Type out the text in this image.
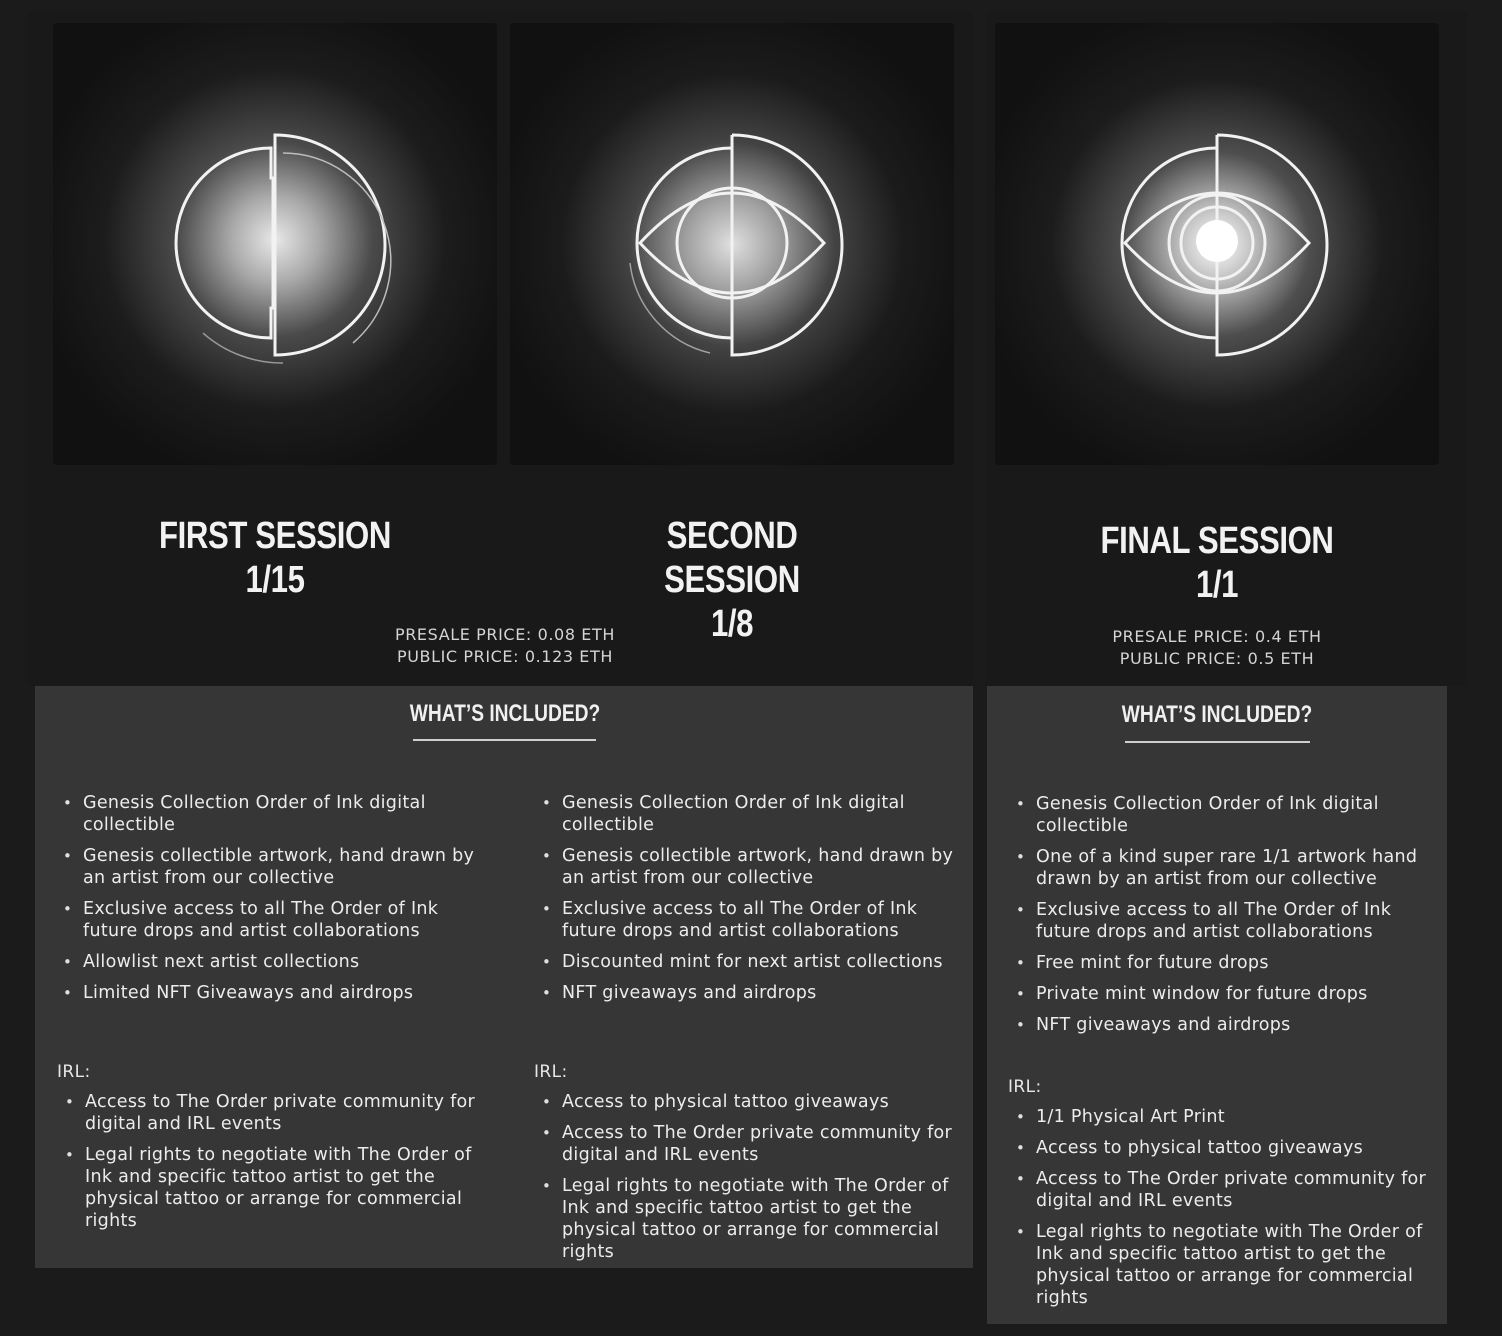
FIRST SESSION
1/15
SECOND SESSION
1/8
FINAL SESSION
1/1
PRESALE PRICE: 0.08 ETH
PUBLIC PRICE: 0.123 ETH
PRESALE PRICE: 0.4 ETH
PUBLIC PRICE: 0.5 ETH
WHAT’S INCLUDED?	WHAT’S INCLUDED?
• Genesis Collection Order of Ink digital collectible
• Genesis collectible artwork, hand drawn by an artist from our collective
• Exclusive access to all The Order of Ink future drops and artist collaborations
• Allowlist next artist collections
• Limited NFT Giveaways and airdrops
IRL:
• Access to The Order private community for digital and IRL events
• Legal rights to negotiate with The Order of Ink and specific tattoo artist to get the physical tattoo or arrange for commercial rights
• Genesis Collection Order of Ink digital collectible
• Genesis collectible artwork, hand drawn by an artist from our collective
• Exclusive access to all The Order of Ink future drops and artist collaborations
• Discounted mint for next artist collections
• NFT giveaways and airdrops
IRL:
• Access to physical tattoo giveaways
• Access to The Order private community for digital and IRL events
• Legal rights to negotiate with The Order of Ink and specific tattoo artist to get the physical tattoo or arrange for commercial rights
• Genesis Collection Order of Ink digital collectible
• One of a kind super rare 1/1 artwork hand drawn by an artist from our collective
• Exclusive access to all The Order of Ink future drops and artist collaborations
• Free mint for future drops
• Private mint window for future drops
• NFT giveaways and airdrops
IRL:
• 1/1 Physical Art Print
• Access to physical tattoo giveaways
• Access to The Order private community for digital and IRL events
• Legal rights to negotiate with The Order of Ink and specific tattoo artist to get the physical tattoo or arrange for commercial rights
